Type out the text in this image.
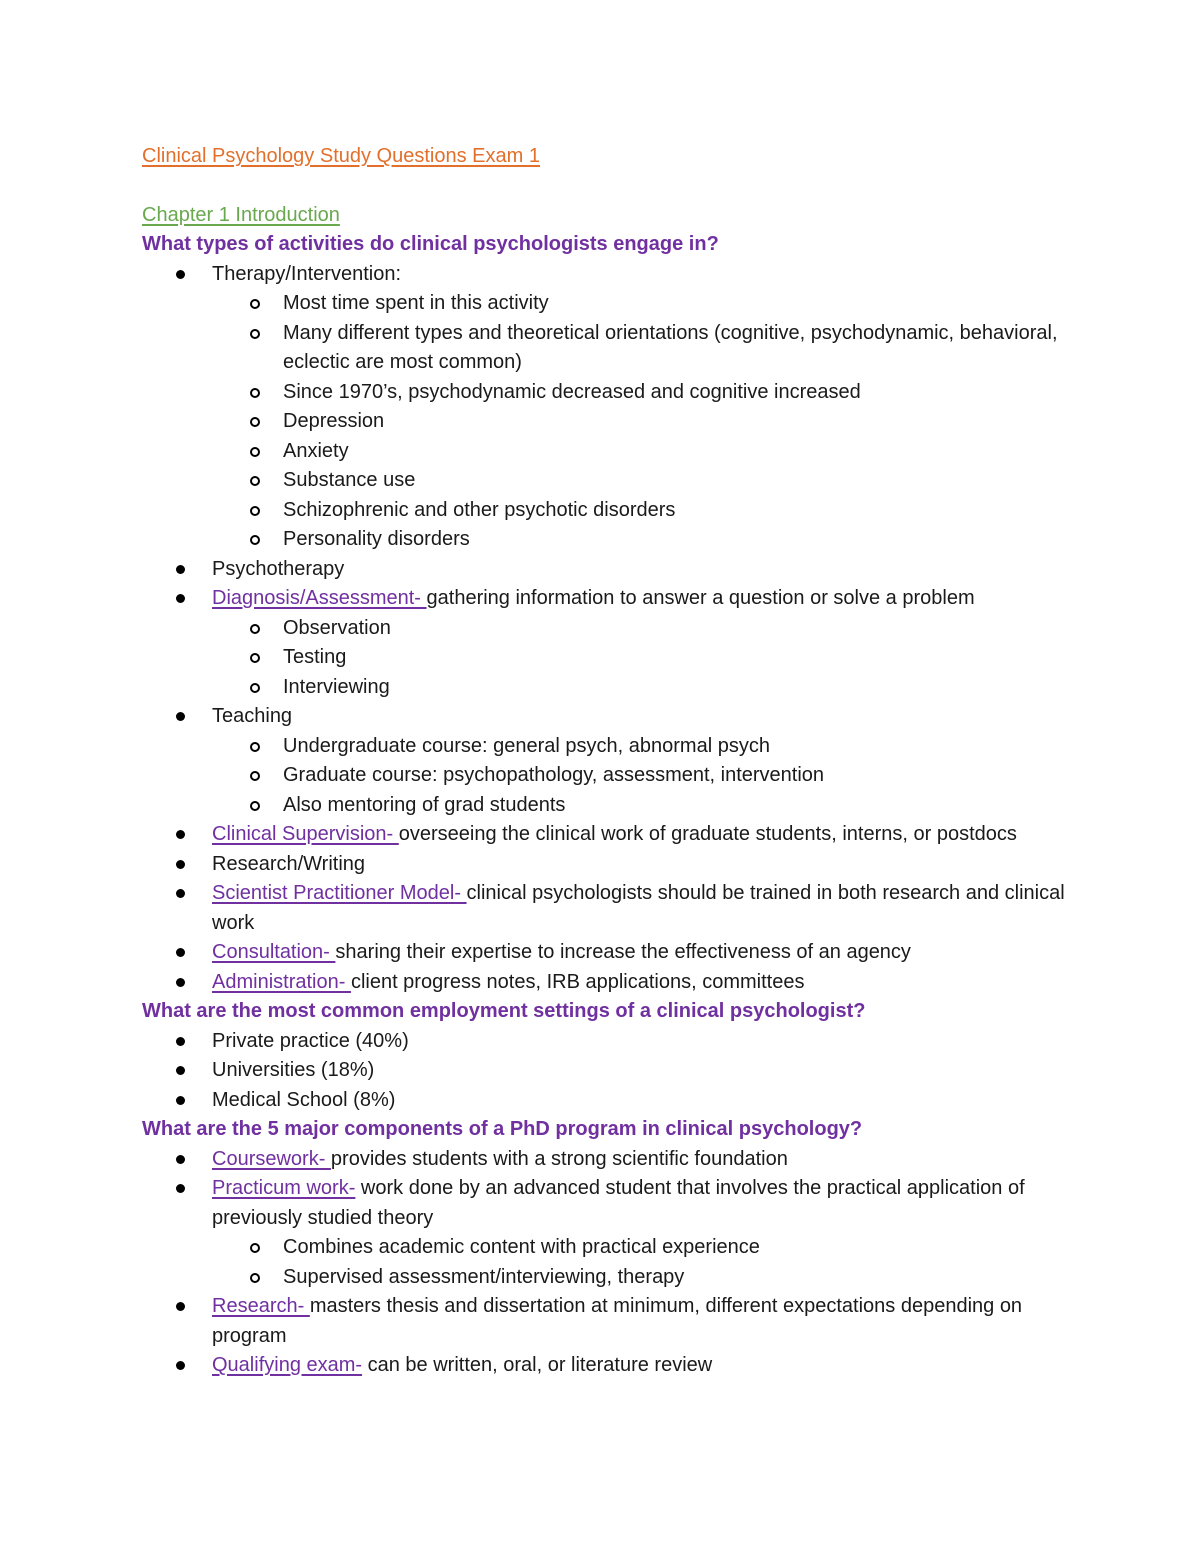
Clinical Psychology Study Questions Exam 1
Chapter 1 Introduction

What types of activities do clinical psychologists engage in?

Therapy/Intervention:
Most time spent in this activity
Many different types and theoretical orientations (cognitive, psychodynamic, behavioral, eclectic are most common)
Since 1970’s, psychodynamic decreased and cognitive increased
Depression
Anxiety
Substance use
Schizophrenic and other psychotic disorders
Personality disorders
Psychotherapy
Diagnosis/Assessment- gathering information to answer a question or solve a problem
Observation
Testing
Interviewing
Teaching
Undergraduate course: general psych, abnormal psych
Graduate course: psychopathology, assessment, intervention
Also mentoring of grad students
Clinical Supervision- overseeing the clinical work of graduate students, interns, or postdocs
Research/Writing
Scientist Practitioner Model- clinical psychologists should be trained in both research and clinical work
Consultation- sharing their expertise to increase the effectiveness of an agency
Administration- client progress notes, IRB applications, committees

What are the most common employment settings of a clinical psychologist?

Private practice (40%)
Universities (18%)
Medical School (8%)

What are the 5 major components of a PhD program in clinical psychology?

Coursework- provides students with a strong scientific foundation
Practicum work- work done by an advanced student that involves the practical application of previously studied theory
Combines academic content with practical experience
Supervised assessment/interviewing, therapy
Research- masters thesis and dissertation at minimum, different expectations depending on program
Qualifying exam- can be written, oral, or literature review
